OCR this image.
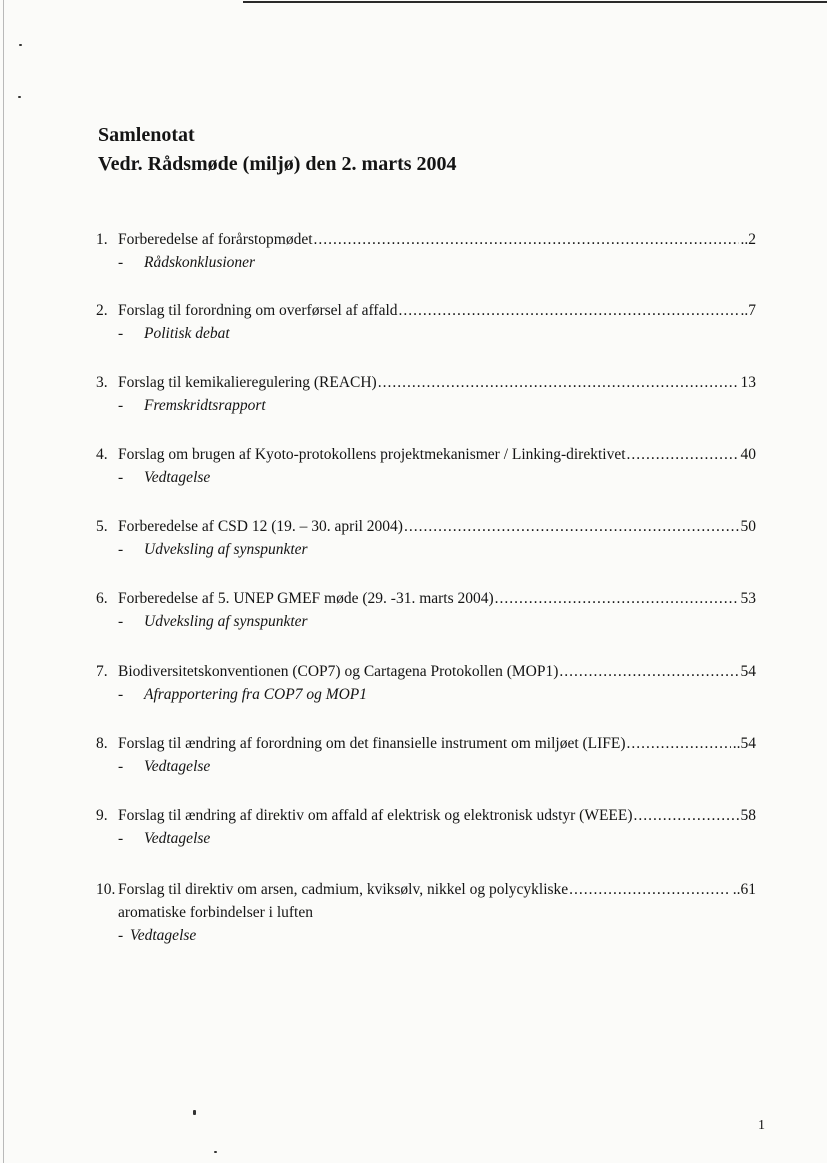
Samlenotat
Vedr. Rådsmøde (miljø) den 2. marts 2004
1. Forberedelse af forårstopmødet .....	..2
- Rådskonklusioner
2. Forslag til forordning om overførsel af affald .....	..7
- Politisk debat
3. Forslag til kemikalieregulering (REACH) .....	13
- Fremskridtsrapport
4. Forslag om brugen af Kyoto-protokollens projektmekanismer / Linking-direktivet .....	40
- Vedtagelse
5. Forberedelse af CSD 12 (19. – 30. april 2004) .....	50
- Udveksling af synspunkter
6. Forberedelse af 5. UNEP GMEF møde (29. -31. marts 2004) .....	53
- Udveksling af synspunkter
7. Biodiversitetskonventionen (COP7) og Cartagena Protokollen (MOP1) .....	54
- Afrapportering fra COP7 og MOP1
8. Forslag til ændring af forordning om det finansielle instrument om miljøet (LIFE) .....	..54
- Vedtagelse
9. Forslag til ændring af direktiv om affald af elektrisk og elektronisk udstyr (WEEE) .....	58
- Vedtagelse
10. Forslag til direktiv om arsen, cadmium, kviksølv, nikkel og polycykliske .....	..61
aromatiske forbindelser i luften
- Vedtagelse
1
